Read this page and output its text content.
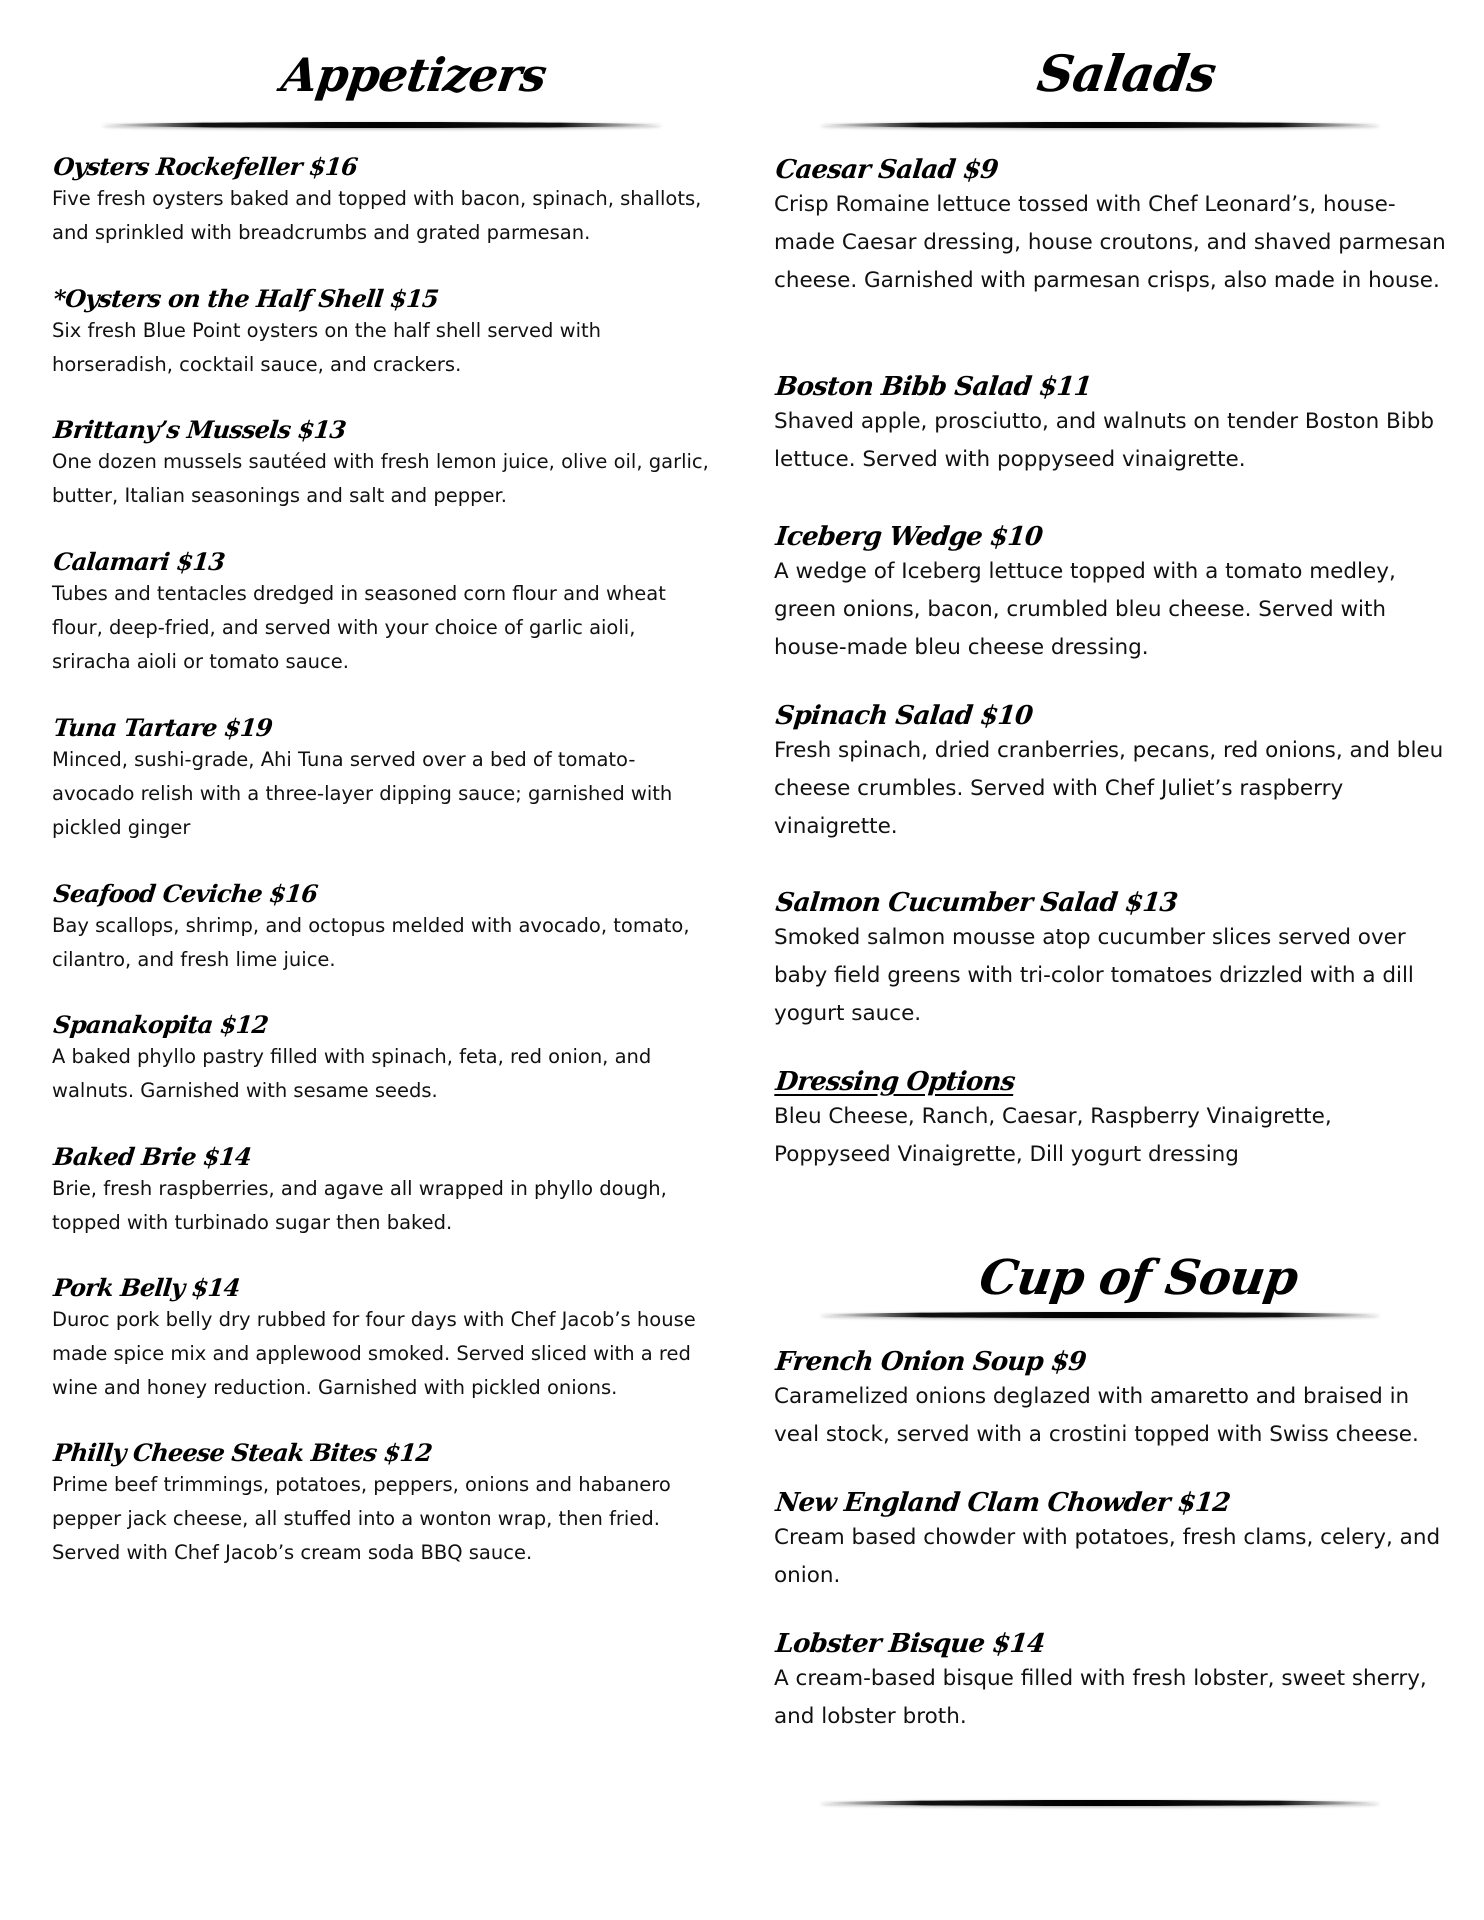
Appetizers
Oysters Rockefeller $16

Five fresh oysters baked and topped with bacon, spinach, shallots, and sprinkled with breadcrumbs and grated parmesan.

*Oysters on the Half Shell $15

Six fresh Blue Point oysters on the half shell served with horseradish, cocktail sauce, and crackers.

Brittany’s Mussels $13

One dozen mussels sautéed with fresh lemon juice, olive oil, garlic, butter, Italian seasonings and salt and pepper.

Calamari $13

Tubes and tentacles dredged in seasoned corn flour and wheat flour, deep-fried, and served with your choice of garlic aioli, sriracha aioli or tomato sauce.

Tuna Tartare $19

Minced, sushi-grade, Ahi Tuna served over a bed of tomato-avocado relish with a three-layer dipping sauce; garnished with pickled ginger

Seafood Ceviche $16

Bay scallops, shrimp, and octopus melded with avocado, tomato, cilantro, and fresh lime juice.

Spanakopita $12

A baked phyllo pastry filled with spinach, feta, red onion, and walnuts. Garnished with sesame seeds.

Baked Brie $14

Brie, fresh raspberries, and agave all wrapped in phyllo dough, topped with turbinado sugar then baked.

Pork Belly $14

Duroc pork belly dry rubbed for four days with Chef Jacob’s house made spice mix and applewood smoked. Served sliced with a red wine and honey reduction. Garnished with pickled onions.

Philly Cheese Steak Bites $12

Prime beef trimmings, potatoes, peppers, onions and habanero pepper jack cheese, all stuffed into a wonton wrap, then fried. Served with Chef Jacob’s cream soda BBQ sauce.

Salads
Caesar Salad $9

Crisp Romaine lettuce tossed with Chef Leonard’s, house-made Caesar dressing, house croutons, and shaved parmesan cheese. Garnished with parmesan crisps, also made in house.

Boston Bibb Salad $11

Shaved apple, prosciutto, and walnuts on tender Boston Bibb lettuce. Served with poppyseed vinaigrette.

Iceberg Wedge $10

A wedge of Iceberg lettuce topped with a tomato medley, green onions, bacon, crumbled bleu cheese. Served with house-made bleu cheese dressing.

Spinach Salad $10

Fresh spinach, dried cranberries, pecans, red onions, and bleu cheese crumbles. Served with Chef Juliet’s raspberry vinaigrette.

Salmon Cucumber Salad $13

Smoked salmon mousse atop cucumber slices served over baby field greens with tri-color tomatoes drizzled with a dill yogurt sauce.

Dressing Options

Bleu Cheese, Ranch, Caesar, Raspberry Vinaigrette, Poppyseed Vinaigrette, Dill yogurt dressing

Cup of Soup
French Onion Soup $9

Caramelized onions deglazed with amaretto and braised in veal stock, served with a crostini topped with Swiss cheese.

New England Clam Chowder $12

Cream based chowder with potatoes, fresh clams, celery, and onion.

Lobster Bisque $14

A cream-based bisque filled with fresh lobster, sweet sherry, and lobster broth.
